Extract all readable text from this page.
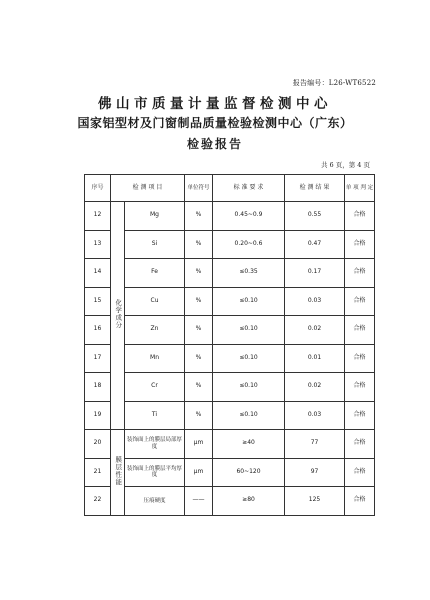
报告编号：L26-WT6522
佛山市质量计量监督检测中心
国家铝型材及门窗制品质量检验检测中心（广东）
检验报告
共 6 页，第 4 页
序号	检 测 项 目		单位符号	标 准 要 求	检 测 结 果	单 项 判 定
12	化学成分	Mg	%	0.45~0.9	0.55	合格
13		Si	%	0.20~0.6	0.47	合格
14		Fe	%	≤0.35	0.17	合格
15		Cu	%	≤0.10	0.03	合格
16		Zn	%	≤0.10	0.02	合格
17		Mn	%	≤0.10	0.01	合格
18		Cr	%	≤0.10	0.02	合格
19		Ti	%	≤0.10	0.03	合格
20	膜层性能	装饰面上的膜层局部厚度	μm	≥40	77	合格
21		装饰面上的膜层平均厚度	μm	60~120	97	合格
22		压痕硬度	——	≥80	125	合格
